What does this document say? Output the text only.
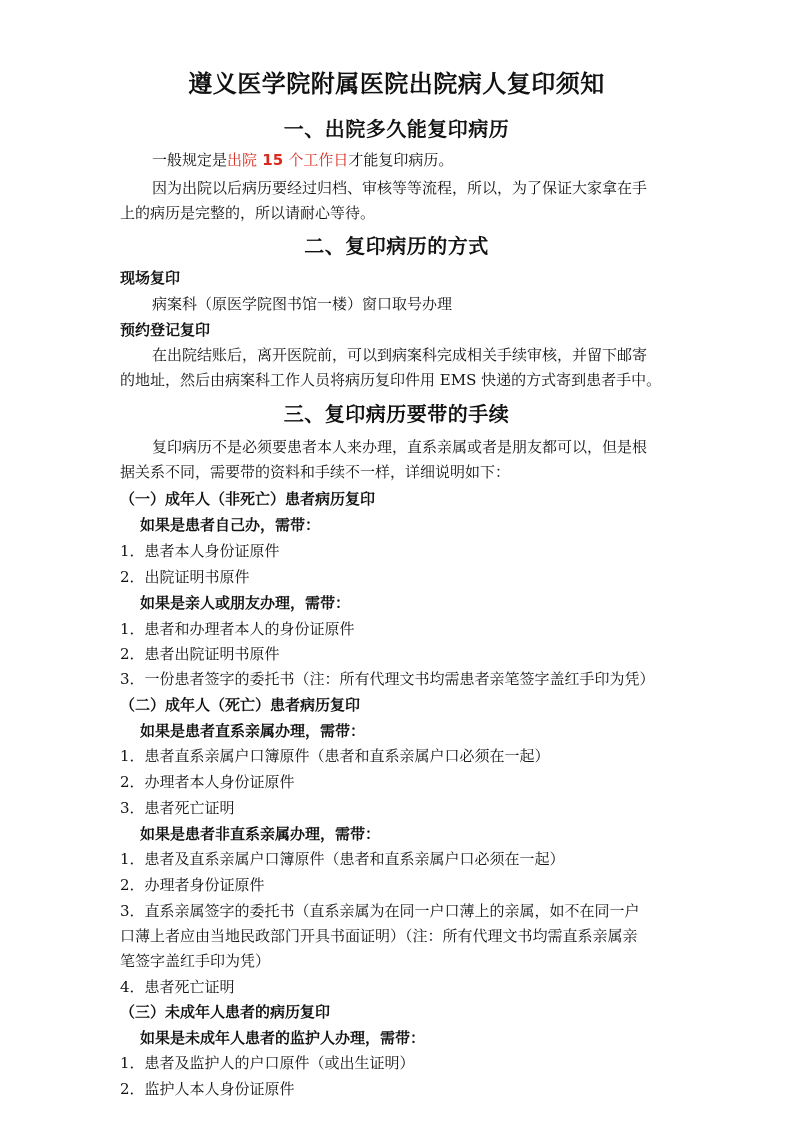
遵义医学院附属医院出院病人复印须知
一、出院多久能复印病历
一般规定是出院 15 个工作日才能复印病历。
因为出院以后病历要经过归档、审核等等流程，所以，为了保证大家拿在手
上的病历是完整的，所以请耐心等待。
二、复印病历的方式
现场复印
病案科（原医学院图书馆一楼）窗口取号办理
预约登记复印
在出院结账后，离开医院前，可以到病案科完成相关手续审核，并留下邮寄
的地址，然后由病案科工作人员将病历复印件用 EMS 快递的方式寄到患者手中。
三、复印病历要带的手续
复印病历不是必须要患者本人来办理，直系亲属或者是朋友都可以，但是根
据关系不同，需要带的资料和手续不一样，详细说明如下：
（一）成年人（非死亡）患者病历复印
如果是患者自己办，需带：
1．患者本人身份证原件
2．出院证明书原件
如果是亲人或朋友办理，需带：
1．患者和办理者本人的身份证原件
2．患者出院证明书原件
3．一份患者签字的委托书（注：所有代理文书均需患者亲笔签字盖红手印为凭）
（二）成年人（死亡）患者病历复印
如果是患者直系亲属办理，需带：
1．患者直系亲属户口簿原件（患者和直系亲属户口必须在一起）
2．办理者本人身份证原件
3．患者死亡证明
如果是患者非直系亲属办理，需带：
1．患者及直系亲属户口簿原件（患者和直系亲属户口必须在一起）
2．办理者身份证原件
3．直系亲属签字的委托书（直系亲属为在同一户口薄上的亲属，如不在同一户
口薄上者应由当地民政部门开具书面证明）（注：所有代理文书均需直系亲属亲
笔签字盖红手印为凭）
4．患者死亡证明
（三）未成年人患者的病历复印
如果是未成年人患者的监护人办理，需带：
1．患者及监护人的户口原件（或出生证明）
2．监护人本人身份证原件
